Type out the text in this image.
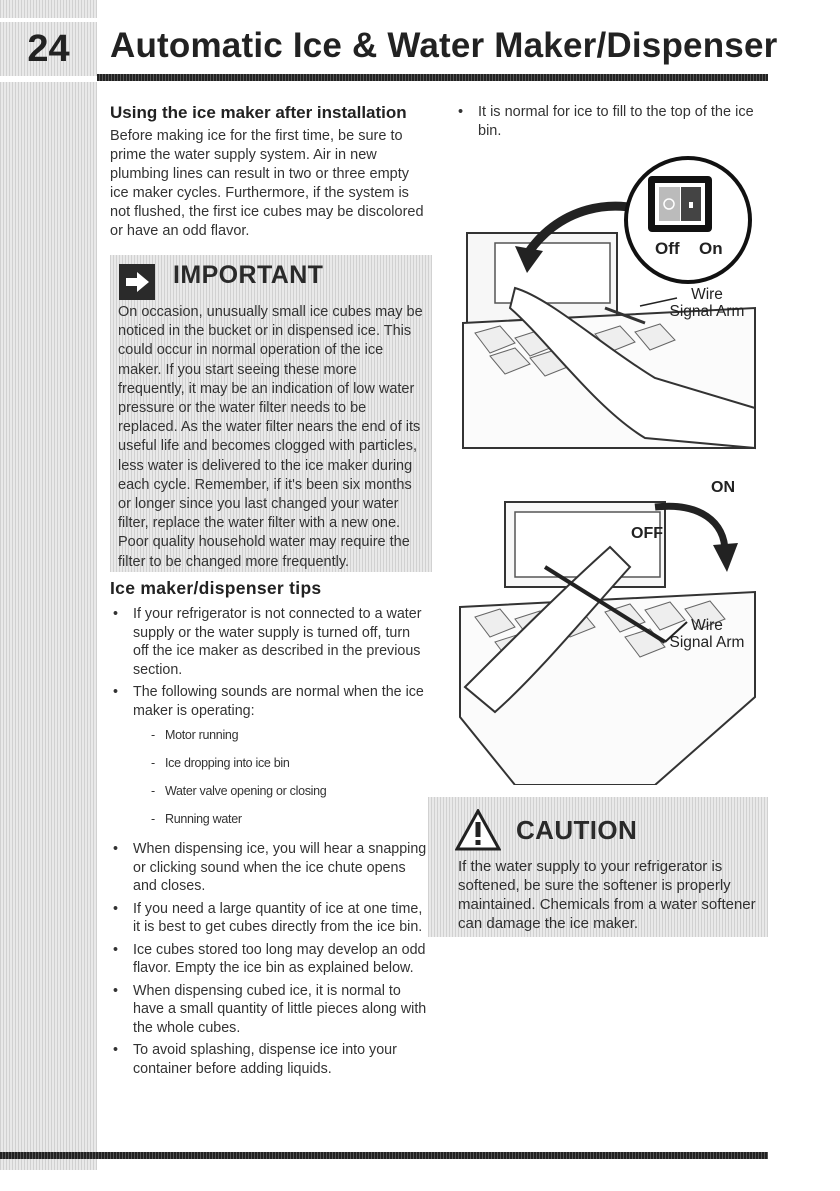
24	Automatic Ice & Water Maker/Dispenser
Using the ice maker after installation

Before making ice for the first time, be sure to prime the water supply system. Air in new plumbing lines can result in two or three empty ice maker cycles. Furthermore, if the system is not flushed, the first ice cubes may be discolored or have an odd flavor.

IMPORTANT
On occasion, unusually small ice cubes may be noticed in the bucket or in dispensed ice. This could occur in normal operation of the ice maker. If you start seeing these more frequently, it may be an indication of low water pressure or the water filter needs to be replaced. As the water filter nears the end of its useful life and becomes clogged with particles, less water is delivered to the ice maker during each cycle. Remember, if it's been six months or longer since you last changed your water filter, replace the water filter with a new one. Poor quality household water may require the filter to be changed more frequently.
Ice maker/dispenser tips
• If your refrigerator is not connected to a water supply or the water supply is turned off, turn off the ice maker as described in the previous section.
• The following sounds are normal when the ice maker is operating:
- Motor running
- Ice dropping into ice bin
- Water valve opening or closing
- Running water
• When dispensing ice, you will hear a snapping or clicking sound when the ice chute opens and closes.
• If you need a large quantity of ice at one time, it is best to get cubes directly from the ice bin.
• Ice cubes stored too long may develop an odd flavor. Empty the ice bin as explained below.
• When dispensing cubed ice, it is normal to have a small quantity of little pieces along with the whole cubes.
• To avoid splashing, dispense ice into your container before adding liquids.
• It is normal for ice to fill to the top of the ice bin.
Off On
Wire
Signal Arm
ON
OFF
Wire
Signal Arm
CAUTION
If the water supply to your refrigerator is softened, be sure the softener is properly maintained. Chemicals from a water softener can damage the ice maker.
